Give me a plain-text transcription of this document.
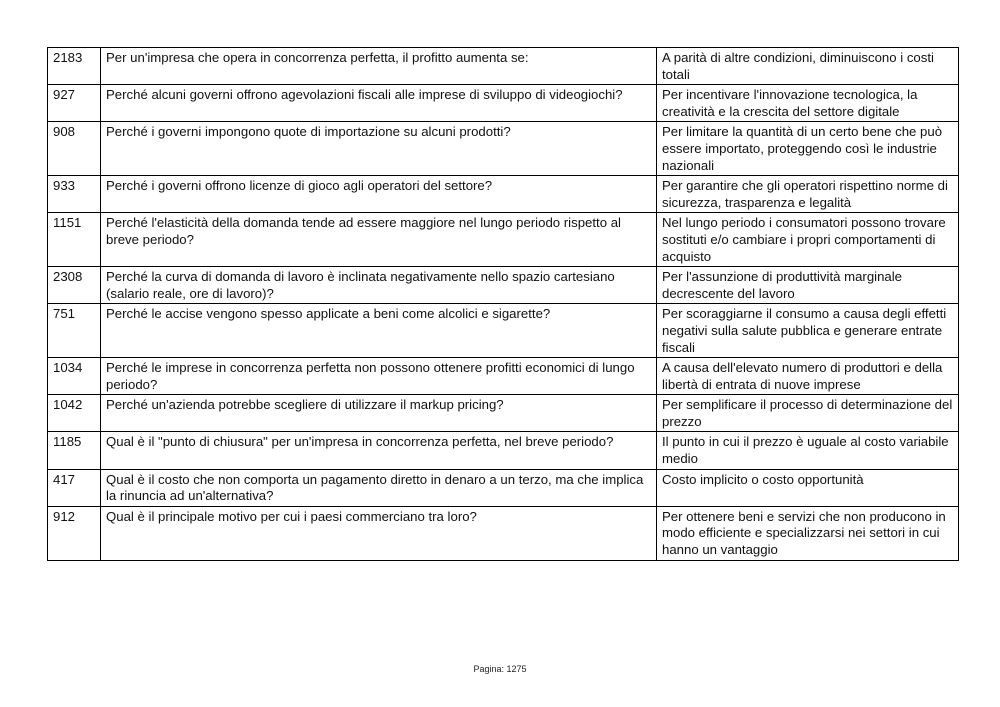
2183	Per un'impresa che opera in concorrenza perfetta, il profitto aumenta se:	A parità di altre condizioni, diminuiscono i costi totali
927	Perché alcuni governi offrono agevolazioni fiscali alle imprese di sviluppo di videogiochi?	Per incentivare l'innovazione tecnologica, la creatività e la crescita del settore digitale
908	Perché i governi impongono quote di importazione su alcuni prodotti?	Per limitare la quantità di un certo bene che può essere importato, proteggendo così le industrie nazionali
933	Perché i governi offrono licenze di gioco agli operatori del settore?	Per garantire che gli operatori rispettino norme di sicurezza, trasparenza e legalità
1151	Perché l'elasticità della domanda tende ad essere maggiore nel lungo periodo rispetto al breve periodo?	Nel lungo periodo i consumatori possono trovare sostituti e/o cambiare i propri comportamenti di acquisto
2308	Perché la curva di domanda di lavoro è inclinata negativamente nello spazio cartesiano (salario reale, ore di lavoro)?	Per l'assunzione di produttività marginale decrescente del lavoro
751	Perché le accise vengono spesso applicate a beni come alcolici e sigarette?	Per scoraggiarne il consumo a causa degli effetti negativi sulla salute pubblica e generare entrate fiscali
1034	Perché le imprese in concorrenza perfetta non possono ottenere profitti economici di lungo periodo?	A causa dell'elevato numero di produttori e della libertà di entrata di nuove imprese
1042	Perché un'azienda potrebbe scegliere di utilizzare il markup pricing?	Per semplificare il processo di determinazione del prezzo
1185	Qual è il "punto di chiusura" per un'impresa in concorrenza perfetta, nel breve periodo?	Il punto in cui il prezzo è uguale al costo variabile medio
417	Qual è il costo che non comporta un pagamento diretto in denaro a un terzo, ma che implica la rinuncia ad un'alternativa?	Costo implicito o costo opportunità
912	Qual è il principale motivo per cui i paesi commerciano tra loro?	Per ottenere beni e servizi che non producono in modo efficiente e specializzarsi nei settori in cui hanno un vantaggio
Pagina: 1275
